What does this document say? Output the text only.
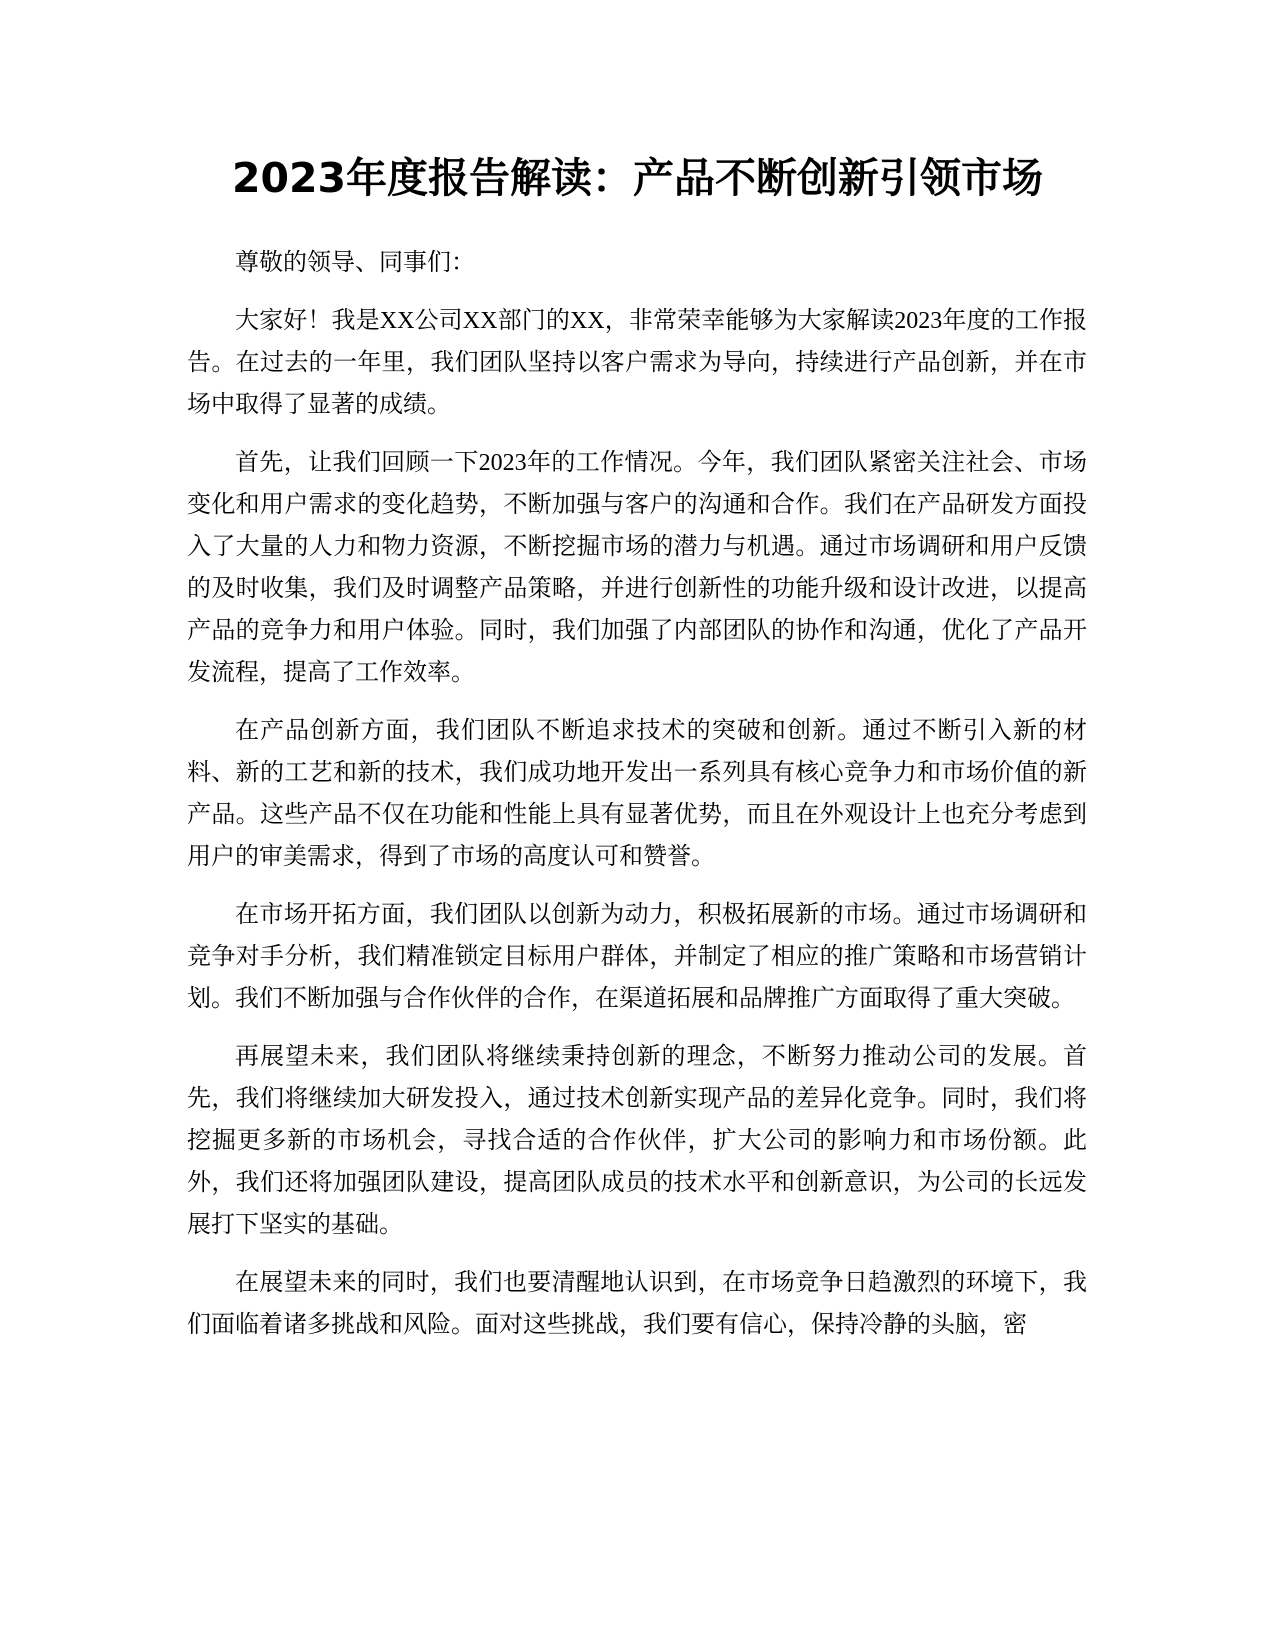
2023年度报告解读：产品不断创新引领市场

尊敬的领导、同事们：

大家好！我是XX公司XX部门的XX，非常荣幸能够为大家解读2023年度的工作报告。在过去的一年里，我们团队坚持以客户需求为导向，持续进行产品创新，并在市场中取得了显著的成绩。

首先，让我们回顾一下2023年的工作情况。今年，我们团队紧密关注社会、市场变化和用户需求的变化趋势，不断加强与客户的沟通和合作。我们在产品研发方面投入了大量的人力和物力资源，不断挖掘市场的潜力与机遇。通过市场调研和用户反馈的及时收集，我们及时调整产品策略，并进行创新性的功能升级和设计改进，以提高产品的竞争力和用户体验。同时，我们加强了内部团队的协作和沟通，优化了产品开发流程，提高了工作效率。

在产品创新方面，我们团队不断追求技术的突破和创新。通过不断引入新的材料、新的工艺和新的技术，我们成功地开发出一系列具有核心竞争力和市场价值的新产品。这些产品不仅在功能和性能上具有显著优势，而且在外观设计上也充分考虑到用户的审美需求，得到了市场的高度认可和赞誉。

在市场开拓方面，我们团队以创新为动力，积极拓展新的市场。通过市场调研和竞争对手分析，我们精准锁定目标用户群体，并制定了相应的推广策略和市场营销计划。我们不断加强与合作伙伴的合作，在渠道拓展和品牌推广方面取得了重大突破。

再展望未来，我们团队将继续秉持创新的理念，不断努力推动公司的发展。首先，我们将继续加大研发投入，通过技术创新实现产品的差异化竞争。同时，我们将挖掘更多新的市场机会，寻找合适的合作伙伴，扩大公司的影响力和市场份额。此外，我们还将加强团队建设，提高团队成员的技术水平和创新意识，为公司的长远发展打下坚实的基础。

在展望未来的同时，我们也要清醒地认识到，在市场竞争日趋激烈的环境下，我们面临着诸多挑战和风险。面对这些挑战，我们要有信心，保持冷静的头脑，密
